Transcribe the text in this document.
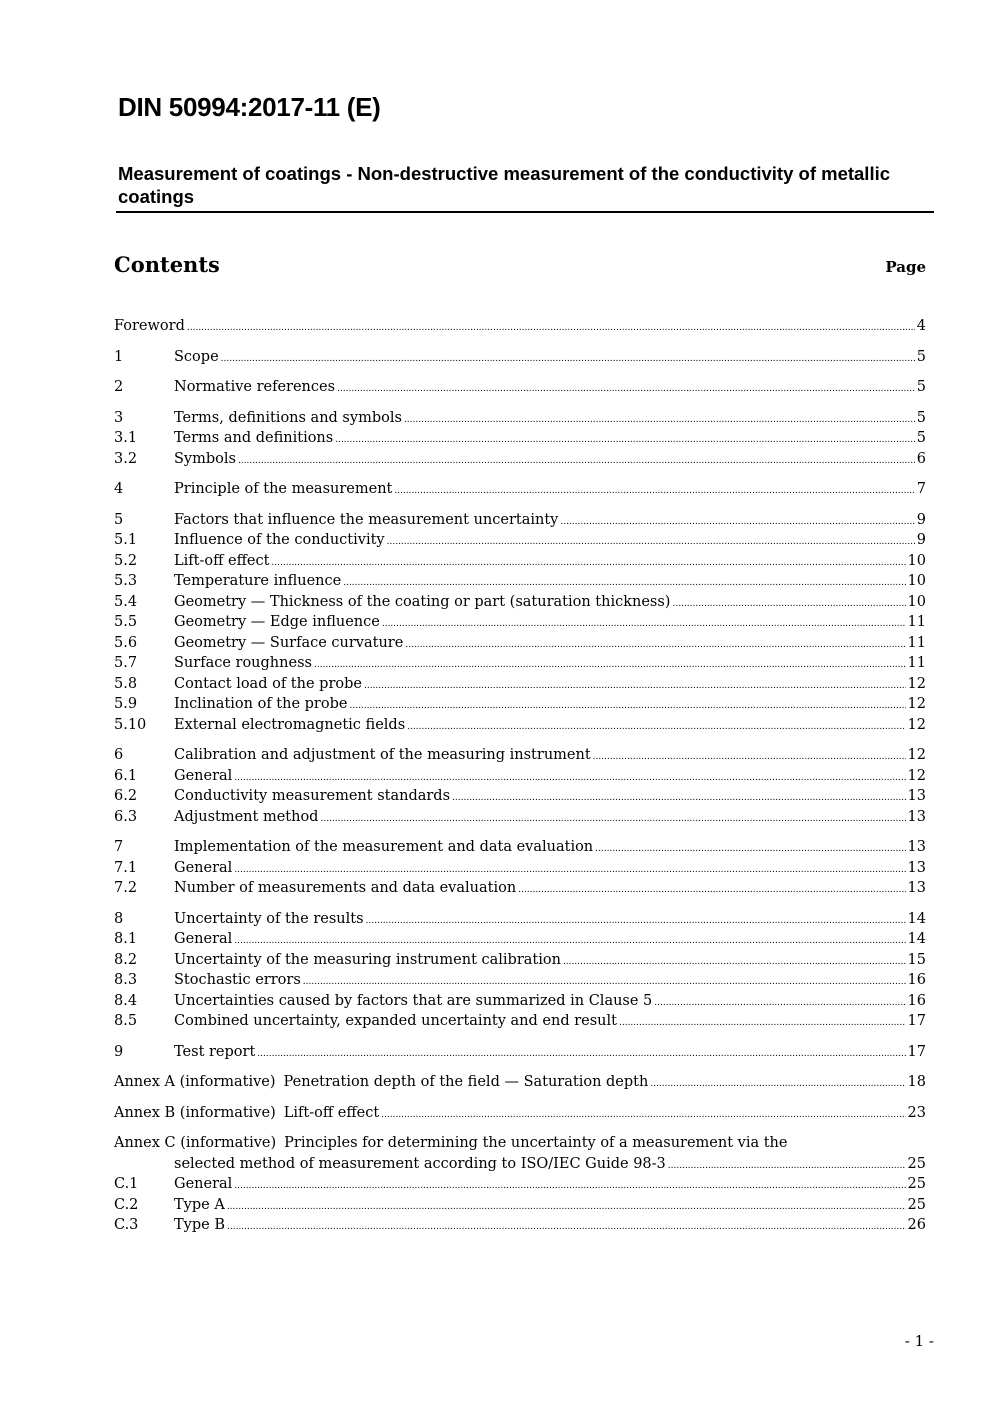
DIN 50994:2017-11 (E)
Measurement of coatings - Non-destructive measurement of the conductivity of metallic coatings
Contents	Page
Foreword .....	4
1	Scope .....	5
2	Normative references .....	5
3	Terms, definitions and symbols .....	5
3.1	Terms and definitions .....	5
3.2	Symbols .....	6
4	Principle of the measurement .....	7
5	Factors that influence the measurement uncertainty .....	9
5.1	Influence of the conductivity .....	9
5.2	Lift-off effect .....	10
5.3	Temperature influence .....	10
5.4	Geometry — Thickness of the coating or part (saturation thickness) .....	10
5.5	Geometry — Edge influence .....	11
5.6	Geometry — Surface curvature .....	11
5.7	Surface roughness .....	11
5.8	Contact load of the probe .....	12
5.9	Inclination of the probe .....	12
5.10	External electromagnetic fields .....	12
6	Calibration and adjustment of the measuring instrument .....	12
6.1	General .....	12
6.2	Conductivity measurement standards .....	13
6.3	Adjustment method .....	13
7	Implementation of the measurement and data evaluation .....	13
7.1	General .....	13
7.2	Number of measurements and data evaluation .....	13
8	Uncertainty of the results .....	14
8.1	General .....	14
8.2	Uncertainty of the measuring instrument calibration .....	15
8.3	Stochastic errors .....	16
8.4	Uncertainties caused by factors that are summarized in Clause 5 .....	16
8.5	Combined uncertainty, expanded uncertainty and end result .....	17
9	Test report .....	17
Annex A (informative) Penetration depth of the field — Saturation depth .....	18
Annex B (informative) Lift-off effect .....	23
Annex C (informative) Principles for determining the uncertainty of a measurement via the
selected method of measurement according to ISO/IEC Guide 98-3 .....	25
C.1	General .....	25
C.2	Type A .....	25
C.3	Type B .....	26
- 1 -
